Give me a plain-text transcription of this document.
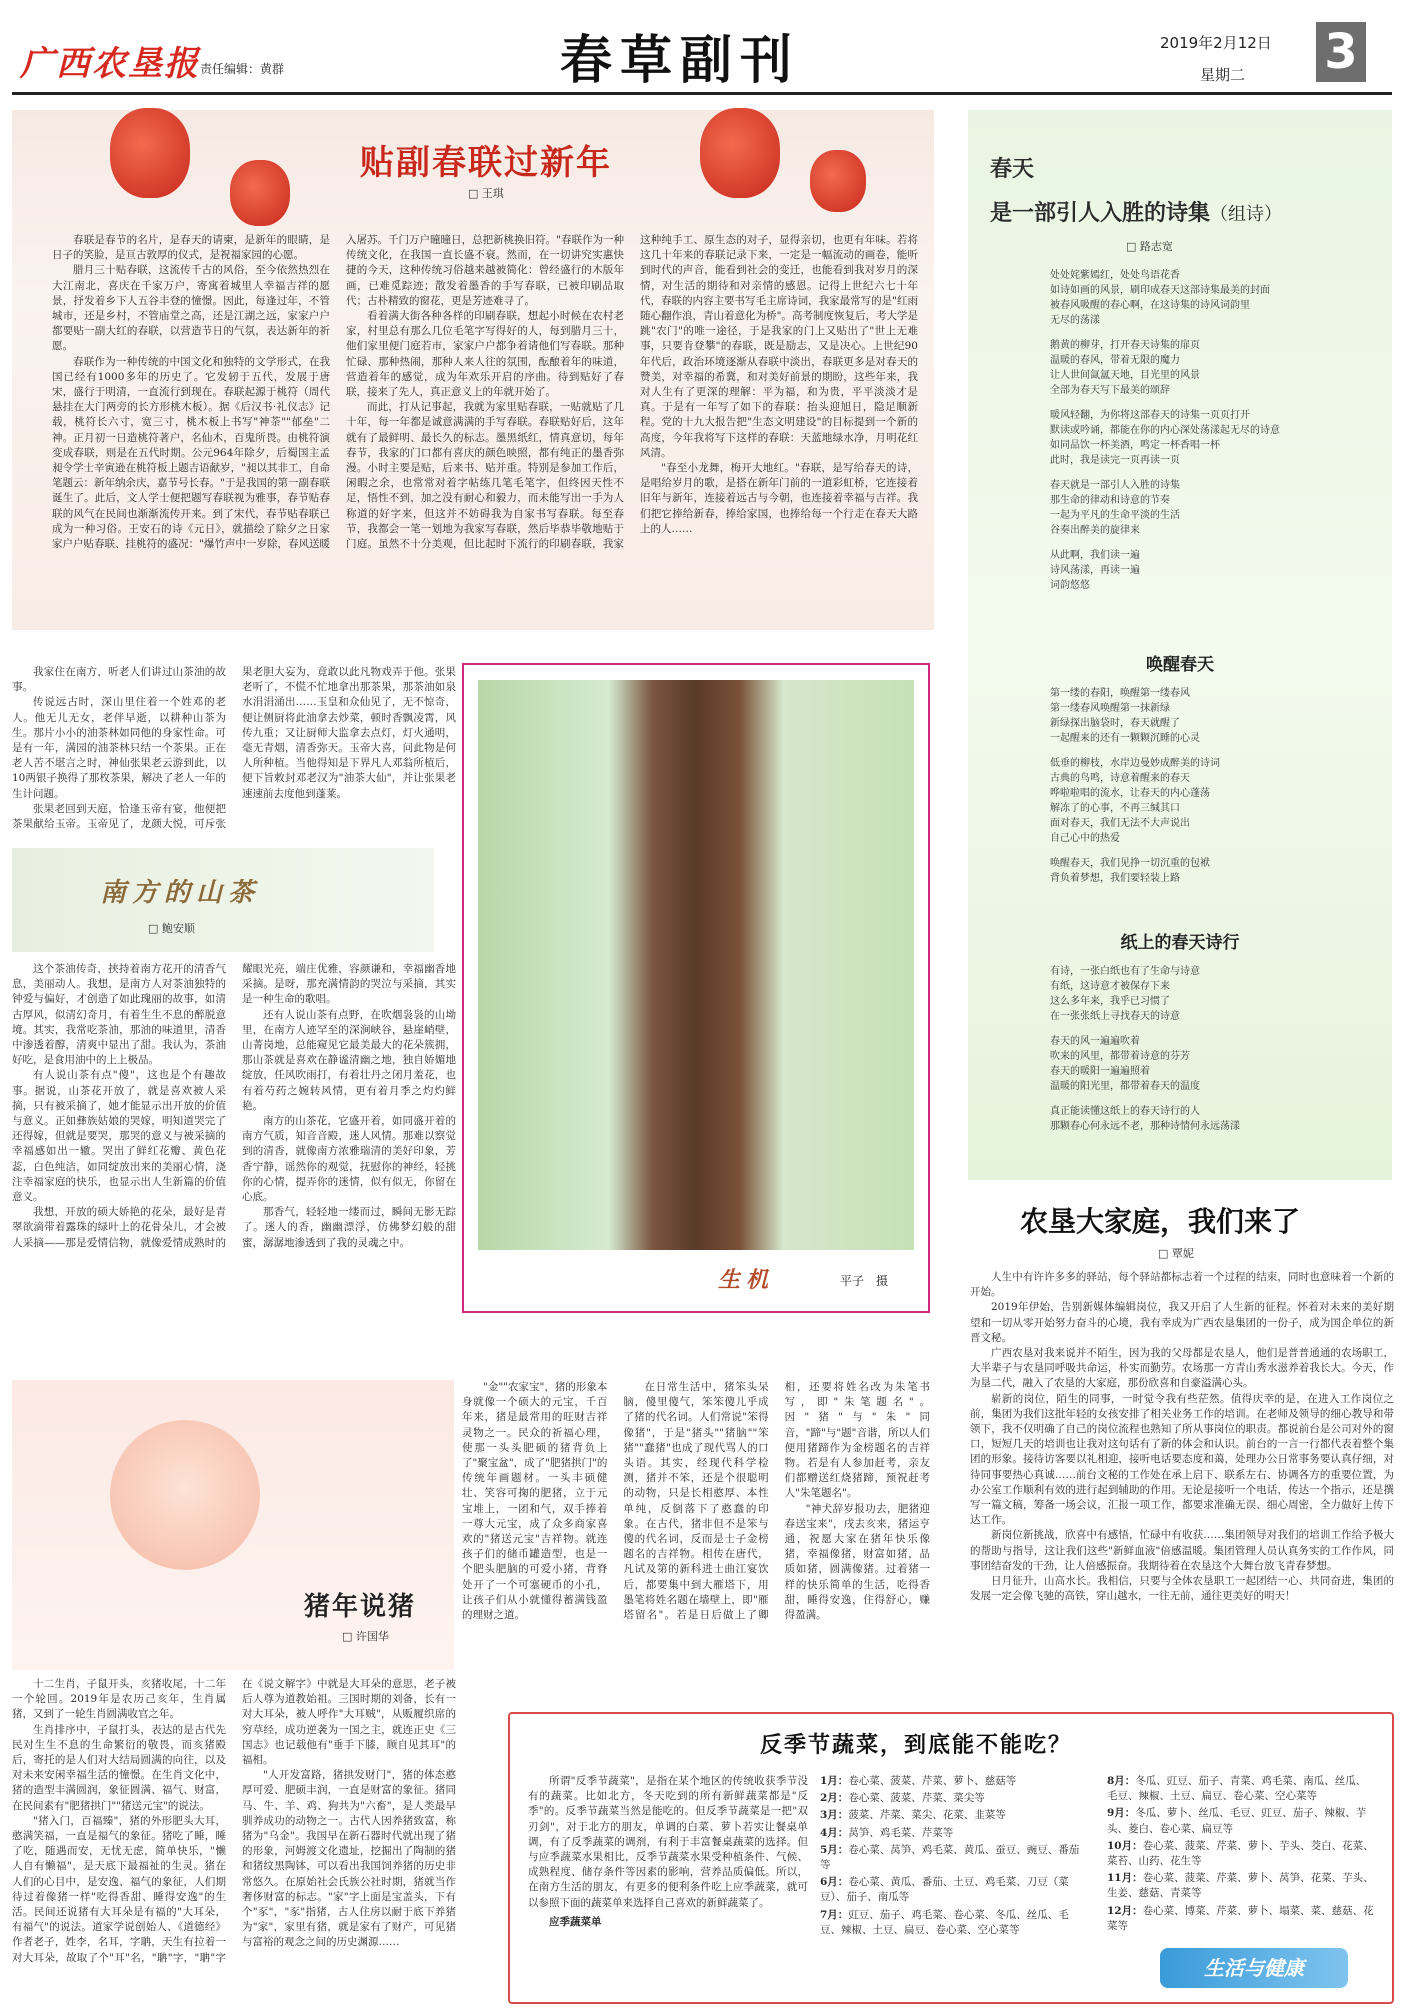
广西农垦报 责任编辑：黄群	春草副刊	2019年2月12日
星期二 3
贴副春联过新年
□ 王琪

春联是春节的名片，是春天的请柬，是新年的眼睛，是日子的笑脸，是亘古敦厚的仪式，是祝福家园的心愿。

腊月三十贴春联，这流传千古的风俗，至今依然热烈在大江南北，喜庆在千家万户，寄寓着城里人幸福吉祥的愿景，抒发着乡下人五谷丰登的憧憬。因此，每逢过年，不管城市，还是乡村，不管庙堂之高，还是江湖之远，家家户户都要贴一副大红的春联，以营造节日的气氛，表达新年的祈愿。

春联作为一种传统的中国文化和独特的文学形式，在我国已经有1000多年的历史了。它发轫于五代，发展于唐宋，盛行于明清，一直流行到现在。春联起源于桃符（周代悬挂在大门两旁的长方形桃木板）。据《后汉书·礼仪志》记载，桃符长六寸，宽三寸，桃木板上书写"神荼""郁垒"二神。正月初一日造桃符著户，名仙木，百鬼所畏。由桃符演变成春联，则是在五代时期。公元964年除夕，后蜀国主孟昶令学士辛寅逊在桃符板上题吉语献岁，"昶以其非工，自命笔题云：新年纳余庆，嘉节号长春。"于是我国的第一副春联诞生了。此后，文人学士便把题写春联视为雅事，春节贴春联的风气在民间也渐渐流传开来。到了宋代，春节贴春联已成为一种习俗。王安石的诗《元日》，就描绘了除夕之日家家户户贴春联、挂桃符的盛况："爆竹声中一岁除，春风送暖入屠苏。千门万户曈曈日，总把新桃换旧符。"春联作为一种传统文化，在我国一直长盛不衰。然而，在一切讲究实惠快捷的今天，这种传统习俗越来越被简化：曾经盛行的木版年画，已难觅踪迹；散发着墨香的手写春联，已被印刷品取代；古朴精致的窗花，更是芳迹难寻了。

看着满大街各种各样的印刷春联，想起小时候在农村老家，村里总有那么几位毛笔字写得好的人，每到腊月三十，他们家里便门庭若市，家家户户都争着请他们写春联。那种忙碌、那种热闹，那种人来人往的氛围，酝酿着年的味道，营造着年的感觉，成为年欢乐开启的序曲。待到贴好了春联，接来了先人，真正意义上的年就开始了。

而此，打从记事起，我就为家里贴春联，一贴就贴了几十年，每一年都是诚意满满的手写春联。春联贴好后，这年就有了最鲜明、最长久的标志。墨黑纸红，情真意切，每年春节，我家的门口都有喜庆的颜色映照，都有纯正的墨香弥漫。小时主要是贴，后来书、贴并重。特别是参加工作后，闲暇之余，也常常对着字帖练几笔毛笔字，但终因天性不足，悟性不到，加之没有耐心和毅力，而未能写出一手为人称道的好字来，但这并不妨碍我为自家书写春联。每至春节，我都会一笔一划地为我家写春联，然后毕恭毕敬地贴于门庭。虽然不十分美观，但比起时下流行的印刷春联，我家这种纯手工、原生态的对子，显得亲切，也更有年味。若将这几十年来的春联记录下来，一定是一幅流动的画卷，能听到时代的声音，能看到社会的变迁，也能看到我对岁月的深情，对生活的期待和对亲情的感恩。记得上世纪六七十年代，春联的内容主要书写毛主席诗词，我家最常写的是"红雨随心翻作浪，青山着意化为桥"。高考制度恢复后，考大学是跳"农门"的唯一途径，于是我家的门上又贴出了"世上无难事，只要肯登攀"的春联，既是励志，又是决心。上世纪90年代后，政治环境逐渐从春联中淡出，春联更多是对春天的赞美，对幸福的希冀，和对美好前景的期盼，这些年来，我对人生有了更深的理解：平为福，和为贵，平平淡淡才是真。于是有一年写了如下的春联：抬头迎旭日，隐足顺新程。党的十九大报告把"生态文明建设"的目标提到一个新的高度，今年我将写下这样的春联：天蓝地绿水净，月明花红风清。

"春至小龙舞，梅开大地红。"春联，是写给春天的诗，是唱给岁月的歌，是搭在新年门前的一道彩虹桥，它连接着旧年与新年，连接着远古与今朝，也连接着幸福与吉祥。我们把它捧给新春，捧给家国，也捧给每一个行走在春天大路上的人……

春天
是一部引人入胜的诗集（组诗）
□ 路志宽
处处姹紫嫣红，处处鸟语花香
如诗如画的风景，刷印成春天这部诗集最美的封面
被春风吸醒的春心啊，在这诗集的诗风词韵里
无尽的荡漾
鹅黄的柳芽，打开春天诗集的扉页
温暖的春风，带着无限的魔力
让人世间氤氲天地，目光里的风景
全部为春天写下最美的颂辞
暖风轻翻，为你将这部春天的诗集一页页打开
默读或吟诵，都能在你的内心深处荡漾起无尽的诗意
如同品饮一杯美酒，鸣定一杯香唱一杯
此时，我是读完一页再读一页
春天就是一部引人入胜的诗集
那生命的律动和诗意的节奏
一起为平凡的生命平淡的生活
谷奏出醉美的旋律来
从此啊，我们读一遍
诗风荡漾，再读一遍
词韵悠悠
唤醒春天
第一缕的春阳，唤醒第一缕春风
第一缕春风唤醒第一抹新绿
新绿探出脑袋时，春天就醒了
一起醒来的还有一颗颗沉睡的心灵
低垂的柳枝，水岸边曼妙成醉美的诗词
古典的鸟鸣，诗意着醒来的春天
哗啦啦唱的流水，让春天的内心蓬荡
解冻了的心事，不再三缄其口
面对春天，我们无法不大声说出
自己心中的热爱
唤醒春天，我们见挣一切沉重的包袱
背负着梦想，我们要轻装上路
纸上的春天诗行
有诗，一张白纸也有了生命与诗意
有纸，这诗意才被保存下来
这么多年来，我乎已习惯了
在一张张纸上寻找春天的诗意
春天的风一遍遍吹着
吹来的风里，都带着诗意的芬芳
春天的暖阳一遍遍照着
温暖的阳光里，都带着春天的温度
真正能读懂这纸上的春天诗行的人
那颗春心何永远不老，那种诗情何永远荡漾

我家住在南方，听老人们讲过山茶油的故事。

传说远古时，深山里住着一个姓邓的老人。他无儿无女，老伴早逝，以耕种山茶为生。那片小小的油茶林如同他的身家性命。可是有一年，满园的油茶林只结一个茶果。正在老人苦不堪言之时，神仙张果老云游到此，以10两银子换得了那枚茶果，解决了老人一年的生计问题。

张果老回到天庭，恰逢玉帝有宴，他便把茶果献给玉帝。玉帝见了，龙颜大悦，可斥张果老胆大妄为，竟敢以此凡物戏弄于他。张果老听了，不慌不忙地拿出那茶果，那茶油如泉水涓涓涌出……玉皇和众仙见了，无不惊奇，便让侧厨将此油拿去炒菜，顿时香飘凌霄，风传九重；又让厨师大监拿去点灯，灯火通明，毫无青烟，清香弥天。玉帝大喜，问此物是何人所种植。当他得知是下界凡人邓翁所植后，便下旨敕封邓老汉为"油茶大仙"，并让张果老速速前去度他到蓬莱。

南方的山茶
□ 鲍安顺

这个茶油传奇，挟持着南方花开的清香气息，美丽动人。我想，是南方人对茶油独特的钟爱与偏好，才创造了如此瑰丽的故事，如清古厚风，似清幻奇月，有着生生不息的醉脱意境。其实，我常吃茶油，那油的味道里，清香中渗透着醇，清爽中显出了甜。我认为，茶油好吃，是食用油中的上上极品。

有人说山茶有点"傻"，这也是个有趣故事。据说，山茶花开放了，就是喜欢被人采摘，只有被采摘了，她才能显示出开放的价值与意义。正如彝族姑娘的哭嫁，明知道哭完了还得嫁，但就是要哭，那哭的意义与被采摘的幸福感如出一辙。哭出了鲜红花瓣、黄色花蕊，白色纯洁，如同绽放出来的美丽心情，浇注幸福家庭的快乐，也显示出人生新篇的价值意义。

我想，开放的硕大娇艳的花朵，最好是青翠欲滴带着露珠的绿叶上的花骨朵儿，才会被人采摘——那是爱情信物，就像爱情成熟时的耀眼光亮，端庄优雅，容颜谦和，幸福幽香地采摘。是呀，那充满情韵的哭泣与采摘，其实是一种生命的歌唱。

还有人说山茶有点野，在吹烟袅袅的山坳里，在南方人迹罕至的深涧峡谷，悬崖峭壁，山菁岗地，总能窥见它最美最大的花朵簇拥，那山茶就是喜欢在静谧清幽之地，独自娇媚地绽放，任风吹雨打，有着壮丹之闭月羞花，也有着芍药之婉转风情，更有着月季之灼灼鲜艳。

南方的山茶花，它盛开着，如同盛开着的南方气质，知音音殿，迷人风情。那难以察觉到的清香，就像南方浓雅瑞清的美好印象，芳香宁静，谣然你的观觉，抚慰你的神经，轻挑你的心情，提弄你的迷情，似有似无，你留在心底。

那香气，轻轻地一缕而过，瞬间无影无踪了。迷人的香，幽幽漂浮，仿佛梦幻般的甜蜜，潺潺地渗透到了我的灵魂之中。

生机	平子　摄
农垦大家庭，我们来了
□ 覃妮

人生中有许许多多的驿站，每个驿站都标志着一个过程的结束，同时也意味着一个新的开始。

2019年伊始，告别新媒体编辑岗位，我又开启了人生新的征程。怀着对未来的美好期望和一切从零开始努力奋斗的心境，我有幸成为广西农垦集团的一份子，成为国企单位的新晋文秘。

广西农垦对我来说并不陌生，因为我的父母都是农垦人，他们是普普通通的农场职工，大半辈子与农垦同呼吸共命运，朴实而勤劳。农场那一方青山秀水滋养着我长大。今天，作为垦二代，融入了农垦的大家庭，那份欣喜和自豪溢满心头。

崭新的岗位，陌生的同事，一时觉令我有些茫然。值得庆幸的是，在进入工作岗位之前，集团为我们这批年轻的女孩安排了相关业务工作的培训。在老师及领导的细心教导和带领下，我不仅明确了自己的岗位流程也熟知了所从事岗位的职责。都说前台是公司对外的窗口，短短几天的培训也让我对这句话有了新的体会和认识。前台的一言一行都代表着整个集团的形象。接待访客要以礼相迎，接听电话要态度和蔼，处理办公日常事务要认真仔细，对待同事要热心真诚……前台文秘的工作处在承上启下、联系左右、协调各方的重要位置，为办公室工作顺利有效的进行起到辅助的作用。无论是接听一个电话，传达一个指示，还是撰写一篇文稿，筹备一场会议，汇报一项工作，都要求准确无误、细心周密，全力做好上传下达工作。

新岗位新挑战，欣喜中有感悟，忙碌中有收获……集团领导对我们的培训工作给予极大的帮助与指导，这让我们这些"新鲜血液"倍感温暖。集团管理人员认真务实的工作作风，同事团结奋发的干劲，让人倍感振奋。我期待着在农垦这个大舞台放飞青春梦想。

日月征升，山高水长。我相信，只要与全体农垦职工一起团结一心、共同奋进，集团的发展一定会像飞驰的高铁，穿山越水，一往无前，通往更美好的明天！

猪年说猪
□ 许国华

十二生肖，子鼠开头，亥猪收尾，十二年一个轮回。2019年是农历己亥年，生肖属猪，又到了一轮生肖圆满收官之年。

生肖排序中，子鼠打头，表达的是古代先民对生生不息的生命繁衍的敬畏，而亥猪殿后，寄托的是人们对大结局圆满的向往，以及对未来安闲幸福生活的憧憬。在生肖文化中，猪的造型丰满圆润，象征圆满、福气、财富，在民间素有"肥猪拱门""猪送元宝"的说法。

"猪入门，百福臻"，猪的外形肥头大耳，憨满笑福，一直是福气的象征。猪吃了睡，睡了吃，随遇而安，无忧无虑，简单快乐，"懒人自有懒福"，是天底下最福祉的生灵。猪在人们的心目中，是安逸、福气的象征，人们期待过着像猪一样"吃得香甜、睡得安逸"的生活。民间还说猪有大耳朵是有福的"大耳朵，有福气"的说法。道家学说创始人、《道德经》作者老子，姓李，名耳，字聃，天生有拉着一对大耳朵，故取了个"耳"名，"聃"字，"聃"字在《说文解字》中就是大耳朵的意思，老子被后人尊为道教始祖。三国时期的刘备，长有一对大耳朵，被人呼作"大耳贼"，从贩履织席的穷草经，成功逆袭为一国之主，就连正史《三国志》也记载他有"垂手下膝，顾自见其耳"的福相。

"人开发富路，猪拱发财门"，猪的体态憨厚可爱、肥硕丰润，一直是财富的象征。猪同马、牛、羊、鸡、狗共为"六畜"，是人类最早驯养成功的动物之一。古代人因养猪致富，称猪为"乌金"。我国早在新石器时代就出现了猪的形象，河姆渡文化遗址，挖掘出了陶制的猪和猪纹黑陶钵，可以看出我国饲养猪的历史非常悠久。在原始社会氏族公社时期，猪就当作奢侈财富的标志。"家"字上面是宝盖头，下有个"豕"，"豕"指猪，古人住房以耐于底下养猪为"家"，家里有猪，就是家有了财产，可见猪与富裕的观念之间的历史渊源……

"金""农家宝"，猪的形象本身就像一个硕大的元宝，千百年来，猪是最常用的旺财吉祥灵物之一。民众的祈福心理，使那一头头肥硕的猪背负上了"聚宝盆"，成了"肥猪拱门"的传统年画题材。一头丰硕健壮、笑容可掬的肥猪，立于元宝堆上，一团和气，双手捧着一尊大元宝，成了众多商家喜欢的"猪送元宝"吉祥物。就连孩子们的储币罐造型，也是一个肥头肥脑的可爱小猪，背脊处开了一个可塞硬币的小孔，让孩子们从小就懂得蓄满钱盈的理财之道。

在日常生活中，猪笨头呆脑，傻里傻气，笨笨傻儿乎成了猪的代名词。人们常说"笨得像猪"，于是"猪头""猪脑""笨猪""蠢猪"也成了现代骂人的口头语。其实，经现代科学检测，猪并不笨，还是个很聪明的动物，只是长相憨厚、本性单纯，反倒落下了憨蠢的印象。在古代，猪非但不是笨与傻的代名词，反而是士子金榜题名的吉祥物。相传在唐代，凡试及第的新科进士曲江宴饮后，都要集中到大雁塔下，用墨笔将姓名题在墙壁上，即"雁塔留名"。若是日后做上了卿相，还要将姓名改为朱笔书写，即"朱笔题名"。因"猪"与"朱"同音，"蹄"与"题"音谐，所以人们便用猪蹄作为金榜题名的吉祥物。若是有人参加赶考，亲友们都赠送红烧猪蹄，预祝赶考人"朱笔题名"。

"神犬辞岁报功去，肥猪迎春送宝来"，戌去亥来，猪运亨通，祝愿大家在猪年快乐像猪，幸福像猪，财富如猪，品质如猪，圆满像猪。过着猪一样的快乐简单的生活，吃得香甜，睡得安逸，住得舒心，赚得盈满。

反季节蔬菜，到底能不能吃？

所谓"反季节蔬菜"，是指在某个地区的传统收获季节没有的蔬菜。比如北方，冬天吃到的所有新鲜蔬菜都是"反季"的。反季节蔬菜当然是能吃的。但反季节蔬菜是一把"双刃剑"，对于北方的朋友，单调的白菜、萝卜若实让餐桌单调，有了反季蔬菜的调剂，有利于丰富餐桌蔬菜的选择。但与应季蔬菜水果相比，反季节蔬菜水果受种植条件、气候、成熟程度、储存条件等因素的影响，营养品质偏低。所以，在南方生活的朋友，有更多的便利条件吃上应季蔬菜，就可以参照下面的蔬菜单来选择自己喜欢的新鲜蔬菜了。

应季蔬菜单

1月：卷心菜、菠菜、芹菜、萝卜、慈菇等

2月：卷心菜、菠菜、芹菜、菜尖等

3月：菠菜、芹菜、菜尖、花菜、韭菜等

4月：莴笋、鸡毛菜、芹菜等

5月：卷心菜、莴笋、鸡毛菜、黄瓜、蚕豆、豌豆、番茄等

6月：卷心菜、黄瓜、番茄、土豆、鸡毛菜、刀豆（菜豆）、茄子、南瓜等

7月：豇豆、茄子、鸡毛菜、卷心菜、冬瓜、丝瓜、毛豆、辣椒、土豆、扁豆、卷心菜、空心菜等

8月：冬瓜、豇豆、茄子、青菜、鸡毛菜、南瓜、丝瓜、毛豆、辣椒、土豆、扁豆、卷心菜、空心菜等

9月：冬瓜、萝卜、丝瓜、毛豆、豇豆、茄子、辣椒、芋头、菱白、卷心菜、扁豆等

10月：卷心菜、菠菜、芹菜、萝卜、芋头、茭白、花菜、菜苔、山药、花生等

11月：卷心菜、菠菜、芹菜、萝卜、莴笋、花菜、芋头、生姜、慈菇、青菜等

12月：卷心菜、博菜、芹菜、萝卜、塌菜、菜、慈菇、花菜等

生活与健康
